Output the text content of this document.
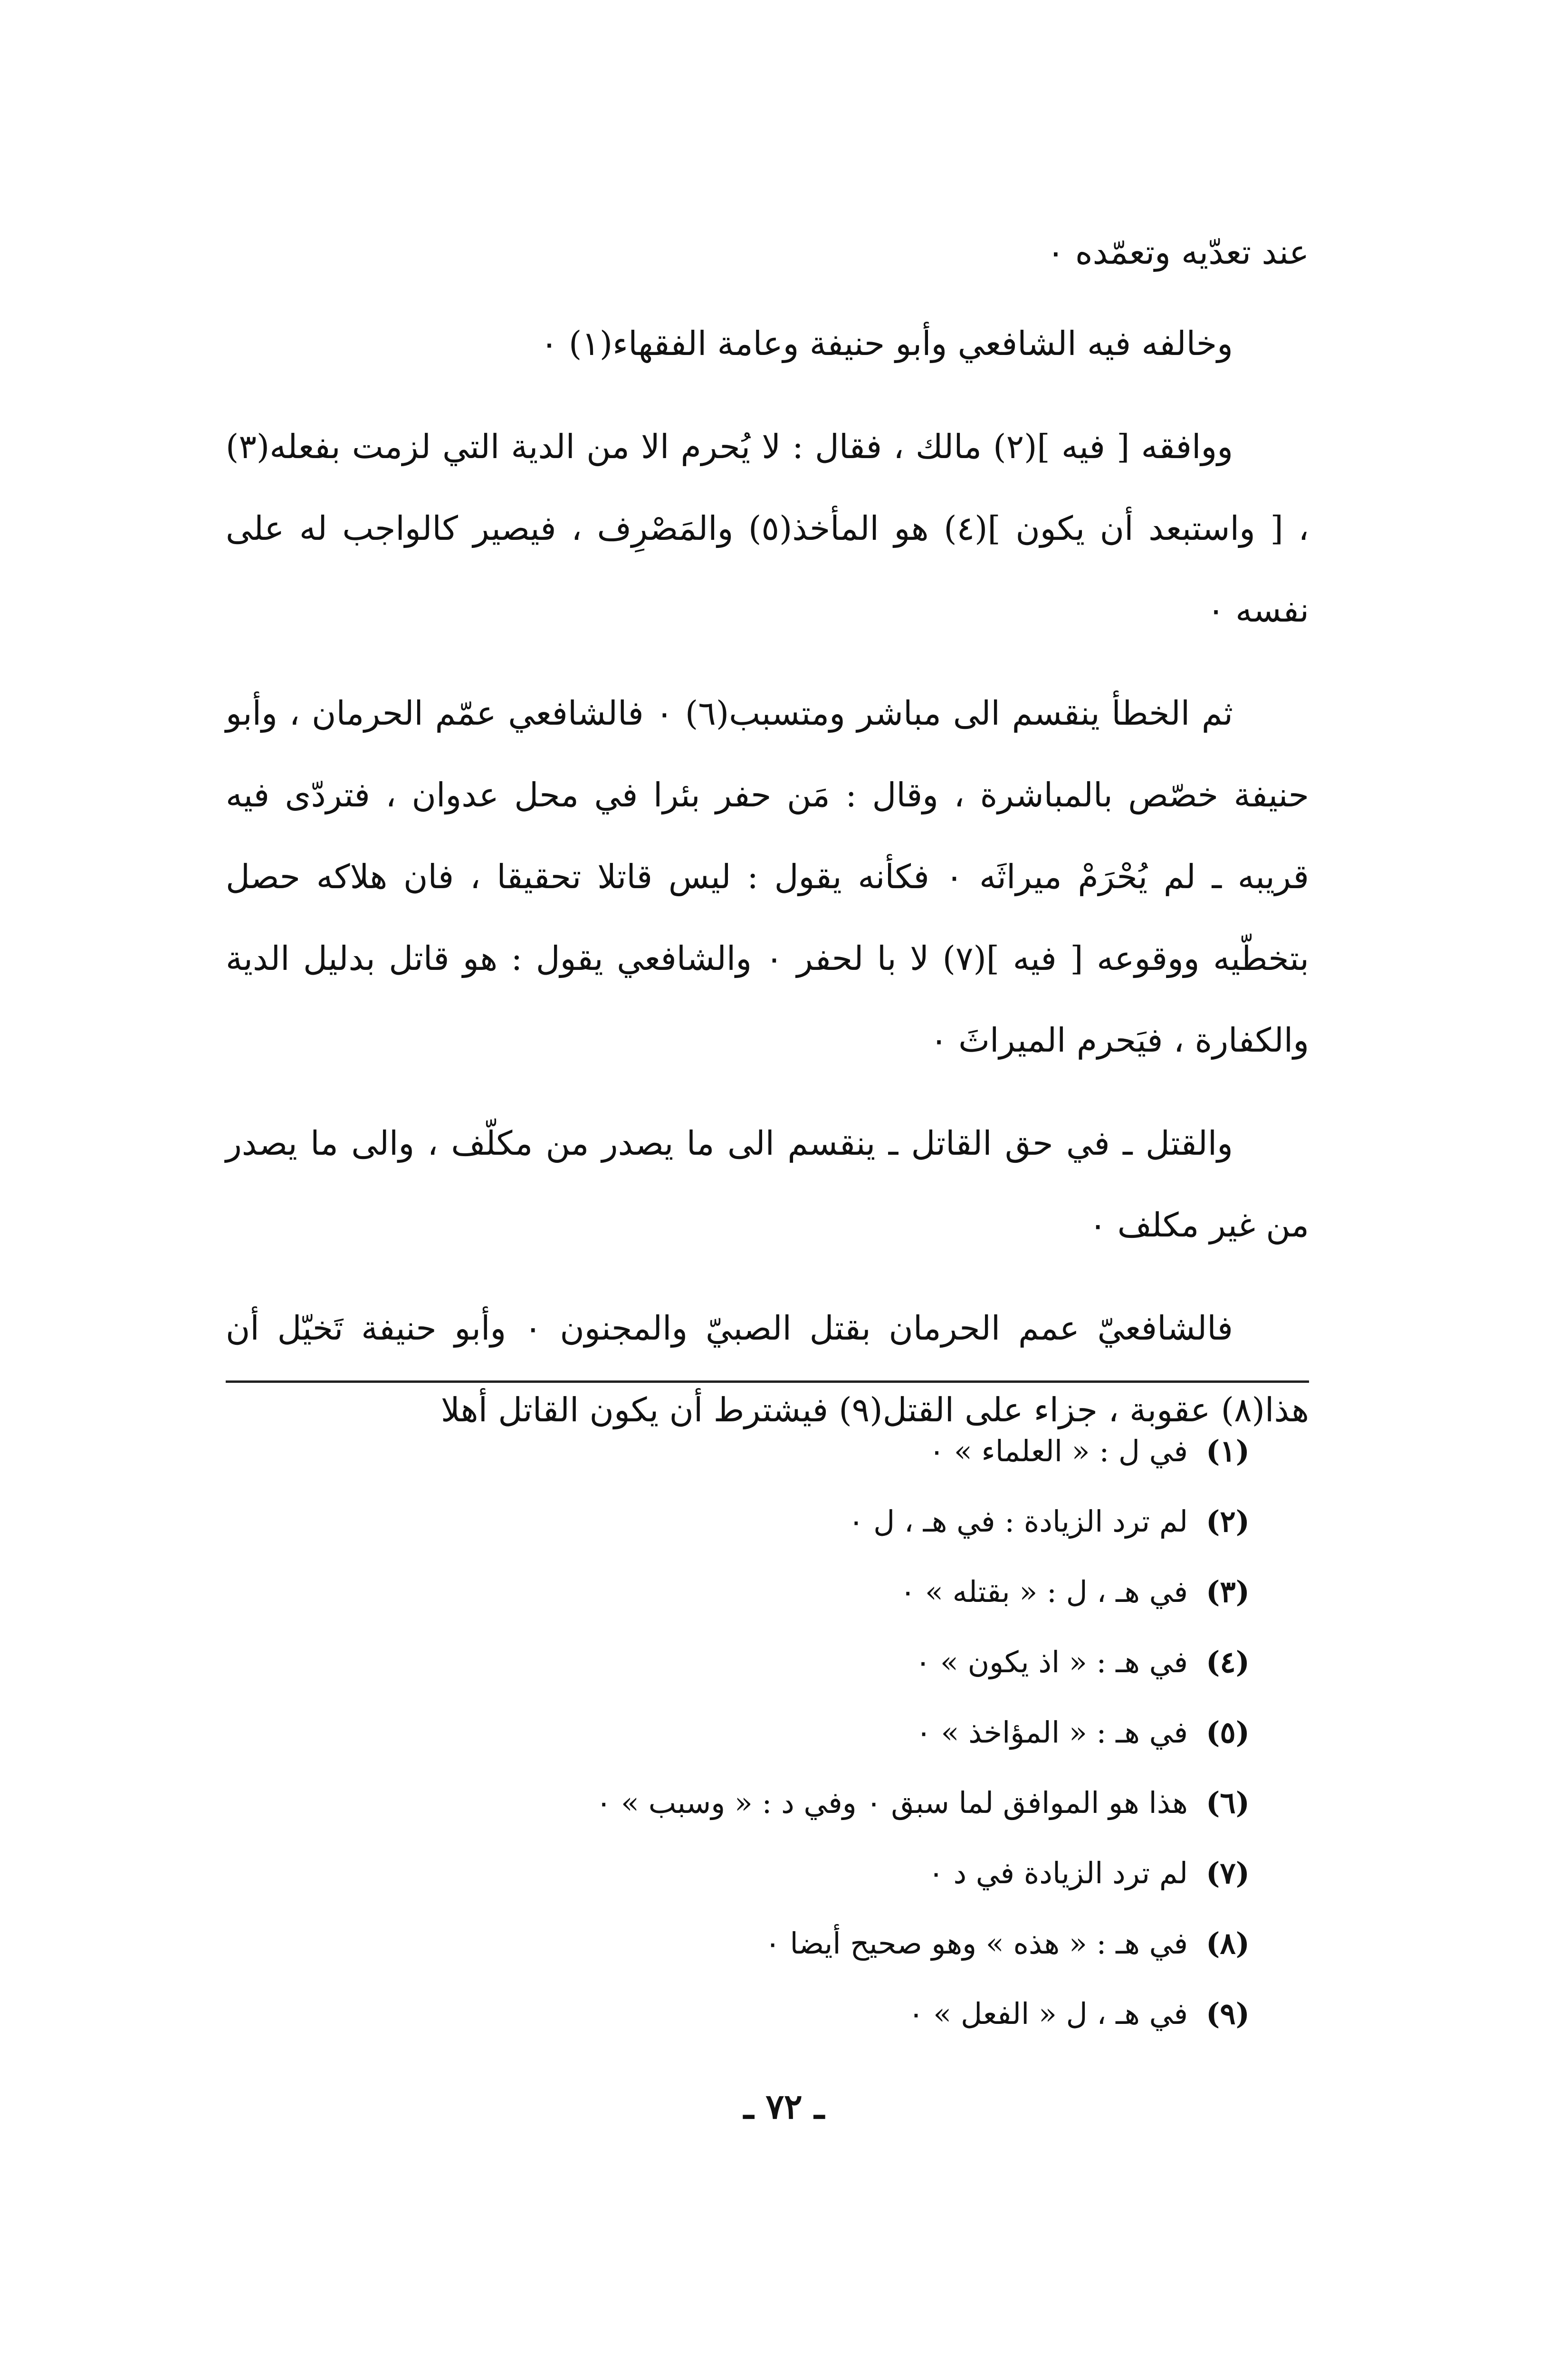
عند تعدّيه وتعمّده ٠

وخالفه فيه الشافعي وأبو حنيفة وعامة الفقهاء(١) ٠

ووافقه [ فيه ](٢) مالك ، فقال : لا يُحرم الا من الدية التي لزمت بفعله(٣) ، [ واستبعد أن يكون ](٤) هو المأخذ(٥) والمَصْرِف ، فيصير كالواجب له على نفسه ٠

ثم الخطأ ينقسم الى مباشر ومتسبب(٦) ٠ فالشافعي عمّم الحرمان ، وأبو حنيفة خصّص بالمباشرة ، وقال : مَن حفر بئرا في محل عدوان ، فتردّى فيه قريبه ـ لم يُحْرَمْ ميراثَه ٠ فكأنه يقول : ليس قاتلا تحقيقا ، فان هلاكه حصل بتخطّيه ووقوعه [ فيه ](٧) لا با لحفر ٠ والشافعي يقول : هو قاتل بدليل الدية والكفارة ، فيَحرم الميراثَ ٠

والقتل ـ في حق القاتل ـ ينقسم الى ما يصدر من مكلّف ، والى ما يصدر من غير مكلف ٠

فالشافعيّ عمم الحرمان بقتل الصبيّ والمجنون ٠ وأبو حنيفة تَخيّل أن هذا(٨) عقوبة ، جزاء على القتل(٩) فيشترط أن يكون القاتل أهلا

(١)في ل : « العلماء » ٠
(٢)لم ترد الزيادة : في هـ ، ل ٠
(٣)في هـ ، ل : « بقتله » ٠
(٤)في هـ : « اذ يكون » ٠
(٥)في هـ : « المؤاخذ » ٠
(٦)هذا هو الموافق لما سبق ٠ وفي د : « وسبب » ٠
(٧)لم ترد الزيادة في د ٠
(٨)في هـ : « هذه » وهو صحيح أيضا ٠
(٩)في هـ ، ل « الفعل » ٠
ـ ٧٢ ـ
